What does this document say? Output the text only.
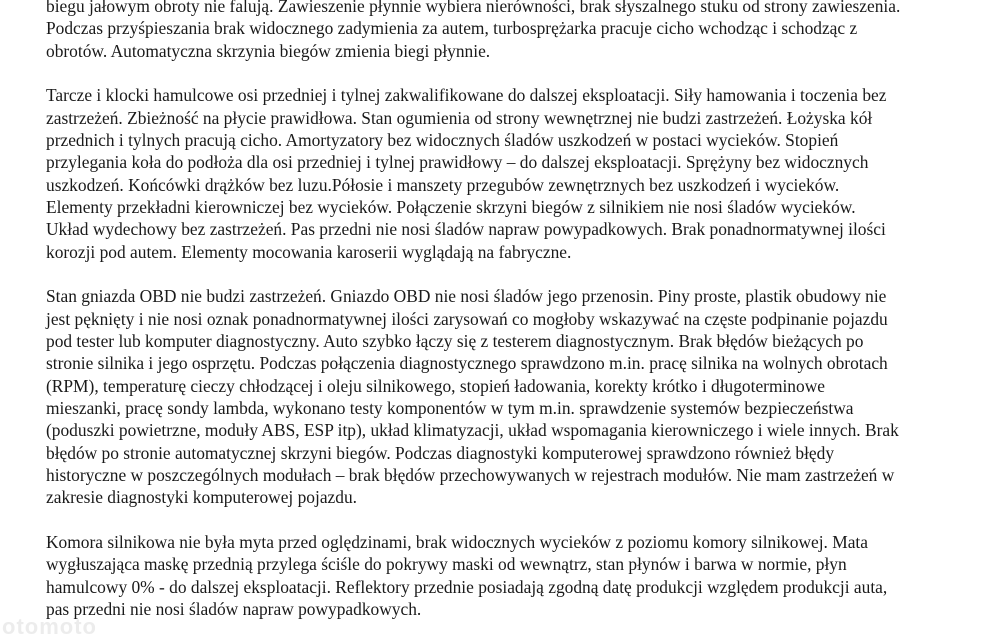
biegu jałowym obroty nie falują. Zawieszenie płynnie wybiera nierówności, brak słyszalnego stuku od strony zawieszenia.
Podczas przyśpieszania brak widocznego zadymienia za autem, turbosprężarka pracuje cicho wchodząc i schodząc z
obrotów. Automatyczna skrzynia biegów zmienia biegi płynnie.

Tarcze i klocki hamulcowe osi przedniej i tylnej zakwalifikowane do dalszej eksploatacji. Siły hamowania i toczenia bez
zastrzeżeń. Zbieżność na płycie prawidłowa. Stan ogumienia od strony wewnętrznej nie budzi zastrzeżeń. Łożyska kół
przednich i tylnych pracują cicho. Amortyzatory bez widocznych śladów uszkodzeń w postaci wycieków. Stopień
przylegania koła do podłoża dla osi przedniej i tylnej prawidłowy – do dalszej eksploatacji. Sprężyny bez widocznych
uszkodzeń. Końcówki drążków bez luzu.Półosie i manszety przegubów zewnętrznych bez uszkodzeń i wycieków.
Elementy przekładni kierowniczej bez wycieków. Połączenie skrzyni biegów z silnikiem nie nosi śladów wycieków.
Układ wydechowy bez zastrzeżeń. Pas przedni nie nosi śladów napraw powypadkowych. Brak ponadnormatywnej ilości
korozji pod autem. Elementy mocowania karoserii wyglądają na fabryczne.

Stan gniazda OBD nie budzi zastrzeżeń. Gniazdo OBD nie nosi śladów jego przenosin. Piny proste, plastik obudowy nie
jest pęknięty i nie nosi oznak ponadnormatywnej ilości zarysowań co mogłoby wskazywać na częste podpinanie pojazdu
pod tester lub komputer diagnostyczny. Auto szybko łączy się z testerem diagnostycznym. Brak błędów bieżących po
stronie silnika i jego osprzętu. Podczas połączenia diagnostycznego sprawdzono m.in. pracę silnika na wolnych obrotach
(RPM), temperaturę cieczy chłodzącej i oleju silnikowego, stopień ładowania, korekty krótko i długoterminowe
mieszanki, pracę sondy lambda, wykonano testy komponentów w tym m.in. sprawdzenie systemów bezpieczeństwa
(poduszki powietrzne, moduły ABS, ESP itp), układ klimatyzacji, układ wspomagania kierowniczego i wiele innych. Brak
błędów po stronie automatycznej skrzyni biegów. Podczas diagnostyki komputerowej sprawdzono również błędy
historyczne w poszczególnych modułach – brak błędów przechowywanych w rejestrach modułów. Nie mam zastrzeżeń w
zakresie diagnostyki komputerowej pojazdu.

Komora silnikowa nie była myta przed oględzinami, brak widocznych wycieków z poziomu komory silnikowej. Mata
wygłuszająca maskę przednią przylega ściśle do pokrywy maski od wewnątrz, stan płynów i barwa w normie, płyn
hamulcowy 0% - do dalszej eksploatacji. Reflektory przednie posiadają zgodną datę produkcji względem produkcji auta,
pas przedni nie nosi śladów napraw powypadkowych.

otomoto
